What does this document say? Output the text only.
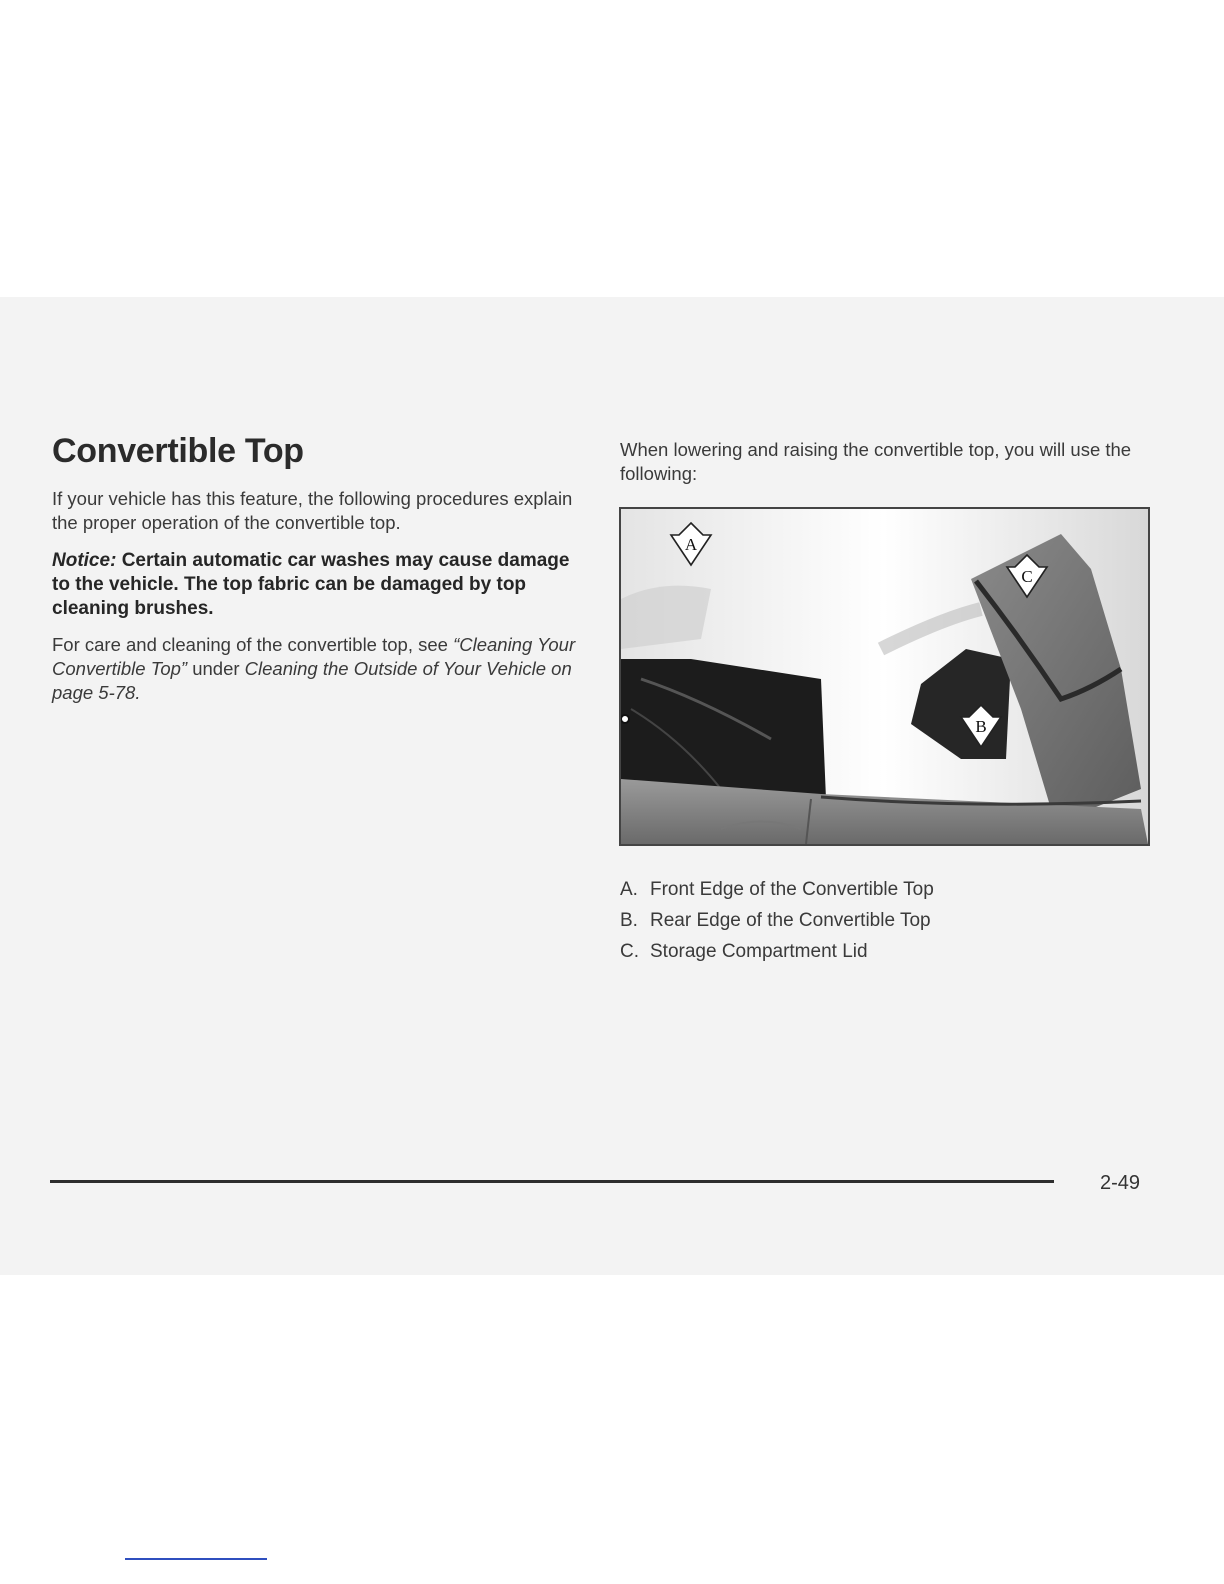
Convertible Top

If your vehicle has this feature, the following procedures explain the proper operation of the convertible top.

Notice: Certain automatic car washes may cause damage to the vehicle. The top fabric can be damaged by top cleaning brushes.

For care and cleaning of the convertible top, see “Cleaning Your Convertible Top” under Cleaning the Outside of Your Vehicle on page 5-78.

When lowering and raising the convertible top, you will use the following:

A
B
C
A. Front Edge of the Convertible Top
B. Rear Edge of the Convertible Top
C. Storage Compartment Lid
2-49
